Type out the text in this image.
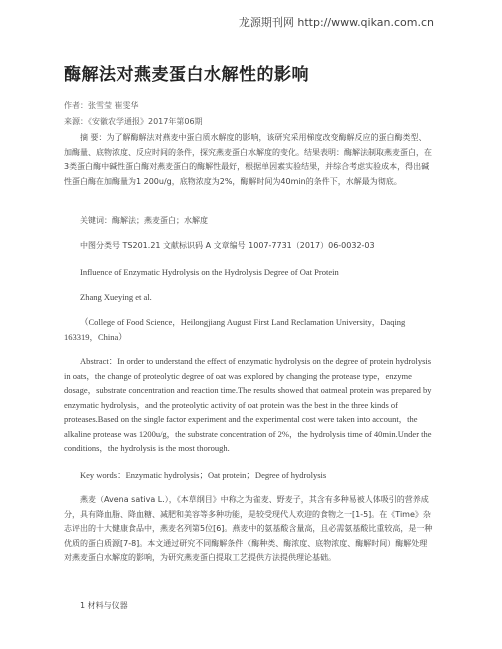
龙源期刊网 http://www.qikan.com.cn
酶解法对燕麦蛋白水解性的影响
作者：张雪莹 崔雯华
来源：《安徽农学通报》2017年第06期

摘 要：为了解酶解法对燕麦中蛋白质水解度的影响，该研究采用梯度改变酶解反应的蛋白酶类型、加酶量、底物浓度、反应时间的条件，探究燕麦蛋白水解度的变化。结果表明：酶解法制取燕麦蛋白，在3类蛋白酶中碱性蛋白酶对燕麦蛋白的酶解性最好，根据单因素实验结果，并综合考虑实验成本，得出碱性蛋白酶在加酶量为1 200u/g，底物浓度为2%，酶解时间为40min的条件下，水解最为彻底。

关键词：酶解法；燕麦蛋白；水解度

中图分类号 TS201.21 文献标识码 A 文章编号 1007-7731（2017）06-0032-03

Influence of Enzymatic Hydrolysis on the Hydrolysis Degree of Oat Protein

Zhang Xueying et al.

（College of Food Science，Heilongjiang August First Land Reclamation University，Daqing 163319，China）

Abstract：In order to understand the effect of enzymatic hydrolysis on the degree of protein hydrolysis in oats，the change of proteolytic degree of oat was explored by changing the protease type，enzyme dosage，substrate concentration and reaction time.The results showed that oatmeal protein was prepared by enzymatic hydrolysis，and the proteolytic activity of oat protein was the best in the three kinds of proteases.Based on the single factor experiment and the experimental cost were taken into account，the alkaline protease was 1200u/g，the substrate concentration of 2%，the hydrolysis time of 40min.Under the conditions，the hydrolysis is the most thorough.

Key words：Enzymatic hydrolysis；Oat protein；Degree of hydrolysis

燕麦（Avena sativa L.），《本草纲目》中称之为雀麦、野麦子，其含有多种易被人体吸引的营养成分，具有降血脂、降血糖、减肥和美容等多种功能，是较受现代人欢迎的食物之一[1-5]。在《Time》杂志评出的十大健康食品中，燕麦名列第5位[6]。燕麦中的氨基酸含量高，且必需氨基酸比重较高，是一种优质的蛋白质源[7-8]。本文通过研究不同酶解条件（酶种类、酶浓度、底物浓度、酶解时间）酶解处理对燕麦蛋白水解度的影响，为研究燕麦蛋白提取工艺提供方法提供理论基础。

1 材料与仪器
